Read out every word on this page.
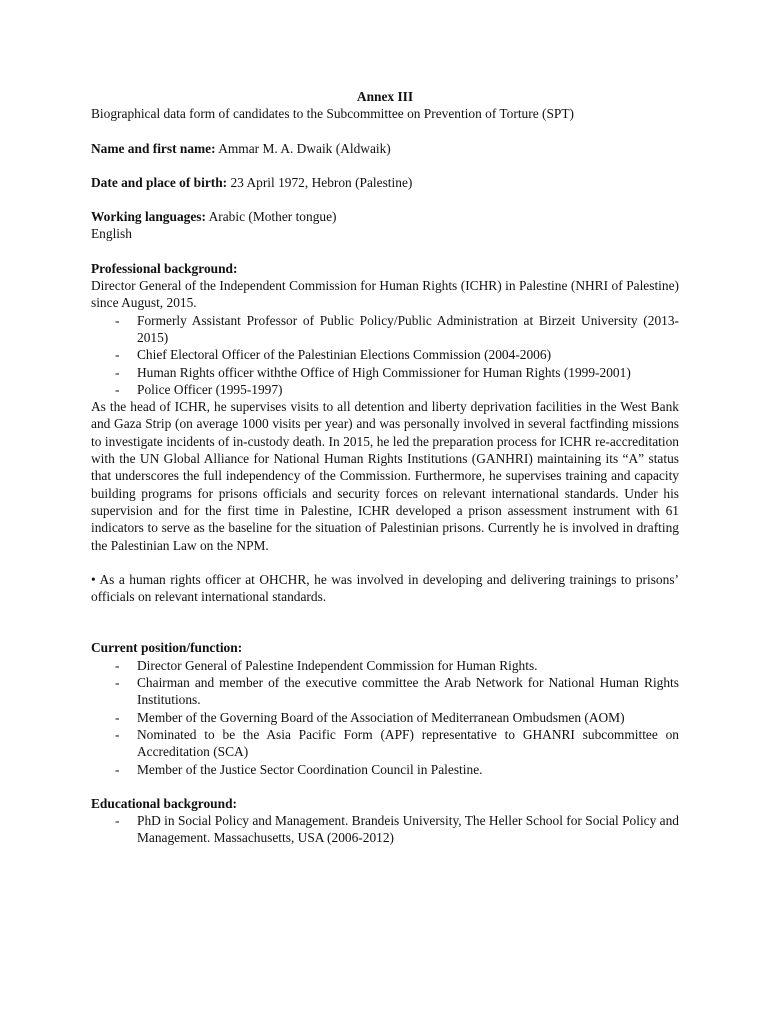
Annex III

Biographical data form of candidates to the Subcommittee on Prevention of Torture (SPT)

Name and first name: Ammar M. A. Dwaik (Aldwaik)

Date and place of birth: 23 April 1972, Hebron (Palestine)

Working languages: Arabic (Mother tongue)

English

Professional background:

Director General of the Independent Commission for Human Rights (ICHR) in Palestine (NHRI of Palestine) since August, 2015.

- Formerly Assistant Professor of Public Policy/Public Administration at Birzeit University (2013-2015)
- Chief Electoral Officer of the Palestinian Elections Commission (2004-2006)
- Human Rights officer withthe Office of High Commissioner for Human Rights (1999-2001)
- Police Officer (1995-1997)

As the head of ICHR, he supervises visits to all detention and liberty deprivation facilities in the West Bank and Gaza Strip (on average 1000 visits per year) and was personally involved in several factfinding missions to investigate incidents of in-custody death. In 2015, he led the preparation process for ICHR re-accreditation with the UN Global Alliance for National Human Rights Institutions (GANHRI) maintaining its “A” status that underscores the full independency of the Commission. Furthermore, he supervises training and capacity building programs for prisons officials and security forces on relevant international standards. Under his supervision and for the first time in Palestine, ICHR developed a prison assessment instrument with 61 indicators to serve as the baseline for the situation of Palestinian prisons. Currently he is involved in drafting the Palestinian Law on the NPM.

• As a human rights officer at OHCHR, he was involved in developing and delivering trainings to prisons’ officials on relevant international standards.

Current position/function:

- Director General of Palestine Independent Commission for Human Rights.
- Chairman and member of the executive committee the Arab Network for National Human Rights Institutions.
- Member of the Governing Board of the Association of Mediterranean Ombudsmen (AOM)
- Nominated to be the Asia Pacific Form (APF) representative to GHANRI subcommittee on Accreditation (SCA)
- Member of the Justice Sector Coordination Council in Palestine.

Educational background:

- PhD in Social Policy and Management. Brandeis University, The Heller School for Social Policy and Management. Massachusetts, USA (2006-2012)
